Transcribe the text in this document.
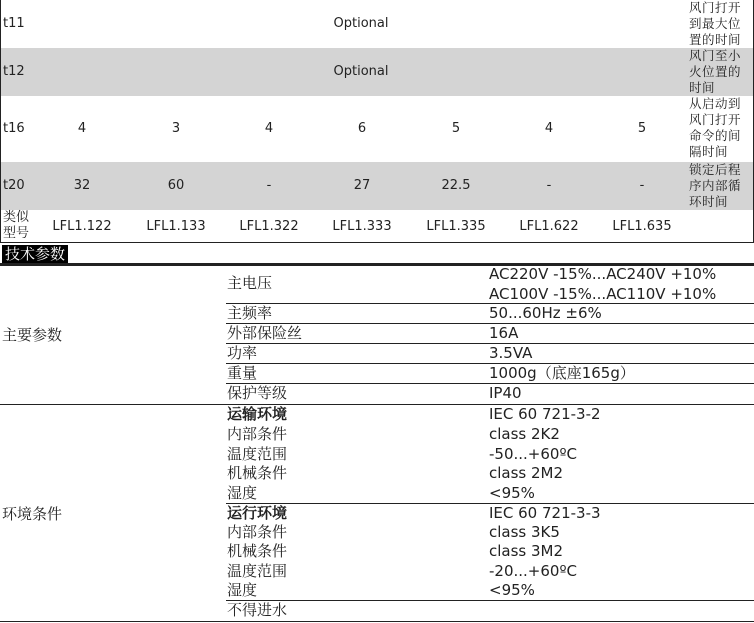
t11	Optional
风门打开到最大位置的时间
t12	Optional
风门至小火位置的时间
t16	4	3	4	6	5	4	5
从启动到风门打开命令的间隔时间
t20	32	60	-	27	22.5	-	-
锁定后程序内部循环时间
类似型号	LFL1.122	LFL1.133	LFL1.322	LFL1.333	LFL1.335	LFL1.622	LFL1.635
技术参数
主要参数
主电压	AC220V -15%...AC240V +10%
AC100V -15%...AC110V +10%
主频率	50...60Hz ±6%
外部保险丝	16A
功率	3.5VA
重量	1000g（底座165g）
保护等级	IP40
环境条件
运输环境	IEC 60 721-3-2
内部条件	class 2K2
温度范围	-50...+60ºC
机械条件	class 2M2
湿度	<95%
运行环境	IEC 60 721-3-3
内部条件	class 3K5
机械条件	class 3M2
温度范围	-20...+60ºC
湿度	<95%
不得进水
